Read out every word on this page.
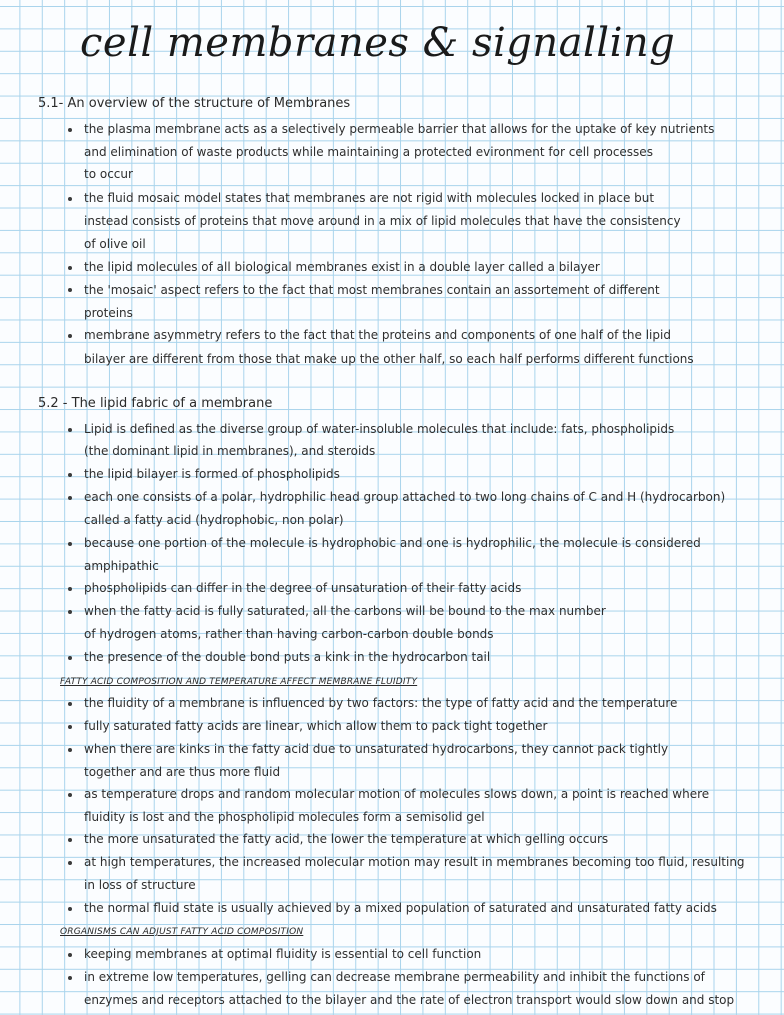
cell membranes & signalling
5.1- An overview of the structure of Membranes
the plasma membrane acts as a selectively permeable barrier that allows for the uptake of key nutrients
and elimination of waste products while maintaining a protected evironment for cell processes
to occur
the fluid mosaic model states that membranes are not rigid with molecules locked in place but
instead consists of proteins that move around in a mix of lipid molecules that have the consistency
of olive oil
the lipid molecules of all biological membranes exist in a double layer called a bilayer
the 'mosaic' aspect refers to the fact that most membranes contain an assortement of different
proteins
membrane asymmetry refers to the fact that the proteins and components of one half of the lipid
bilayer are different from those that make up the other half, so each half performs different functions
5.2 - The lipid fabric of a membrane
Lipid is defined as the diverse group of water-insoluble molecules that include: fats, phospholipids
(the dominant lipid in membranes), and steroids
the lipid bilayer is formed of phospholipids
each one consists of a polar, hydrophilic head group attached to two long chains of C and H (hydrocarbon)
called a fatty acid (hydrophobic, non polar)
because one portion of the molecule is hydrophobic and one is hydrophilic, the molecule is considered
amphipathic
phospholipids can differ in the degree of unsaturation of their fatty acids
when the fatty acid is fully saturated, all the carbons will be bound to the max number
of hydrogen atoms, rather than having carbon-carbon double bonds
the presence of the double bond puts a kink in the hydrocarbon tail
FATTY ACID COMPOSITION AND TEMPERATURE AFFECT MEMBRANE FLUIDITY
the fluidity of a membrane is influenced by two factors: the type of fatty acid and the temperature
fully saturated fatty acids are linear, which allow them to pack tight together
when there are kinks in the fatty acid due to unsaturated hydrocarbons, they cannot pack tightly
together and are thus more fluid
as temperature drops and random molecular motion of molecules slows down, a point is reached where
fluidity is lost and the phospholipid molecules form a semisolid gel
the more unsaturated the fatty acid, the lower the temperature at which gelling occurs
at high temperatures, the increased molecular motion may result in membranes becoming too fluid, resulting
in loss of structure
the normal fluid state is usually achieved by a mixed population of saturated and unsaturated fatty acids
ORGANISMS CAN ADJUST FATTY ACID COMPOSITION
keeping membranes at optimal fluidity is essential to cell function
in extreme low temperatures, gelling can decrease membrane permeability and inhibit the functions of
enzymes and receptors attached to the bilayer and the rate of electron transport would slow down and stop
